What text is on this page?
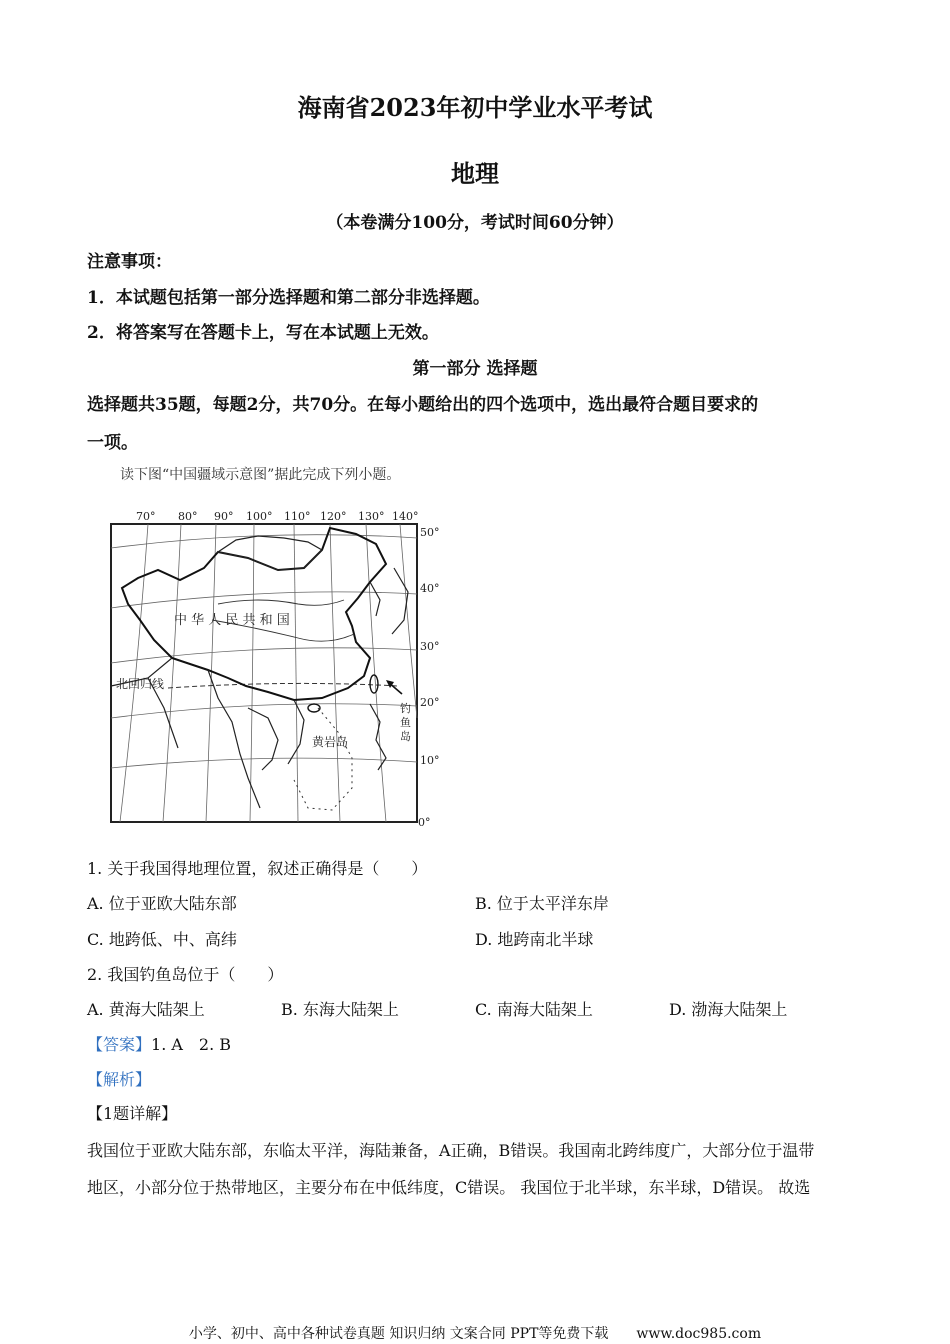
海南省2023年初中学业水平考试
地理
（本卷满分100分，考试时间60分钟）
注意事项：
1．本试题包括第一部分选择题和第二部分非选择题。
2．将答案写在答题卡上，写在本试题上无效。
第一部分 选择题
选择题共35题，每题2分，共70分。在每小题给出的四个选项中，选出最符合题目要求的
一项。
读下图“中国疆域示意图”据此完成下列小题。
70° 80° 90° 100° 110° 120° 130° 140°
50°
40°
30°
20°
10°
0°
中 华 人 民 共 和 国
北回归线
黄岩岛
钓
鱼
岛
1. 关于我国得地理位置，叙述正确得是（　　）
A. 位于亚欧大陆东部	B. 位于太平洋东岸
C. 地跨低、中、高纬	D. 地跨南北半球
2. 我国钓鱼岛位于（　　）
A. 黄海大陆架上	B. 东海大陆架上	C. 南海大陆架上	D. 渤海大陆架上
【答案】1. A　2. B
【解析】
【1题详解】
我国位于亚欧大陆东部，东临太平洋，海陆兼备，A正确，B错误。我国南北跨纬度广，大部分位于温带
地区，小部分位于热带地区，主要分布在中低纬度，C错误。 我国位于北半球，东半球，D错误。 故选
小学、初中、高中各种试卷真题 知识归纳 文案合同 PPT等免费下载　　www.doc985.com
